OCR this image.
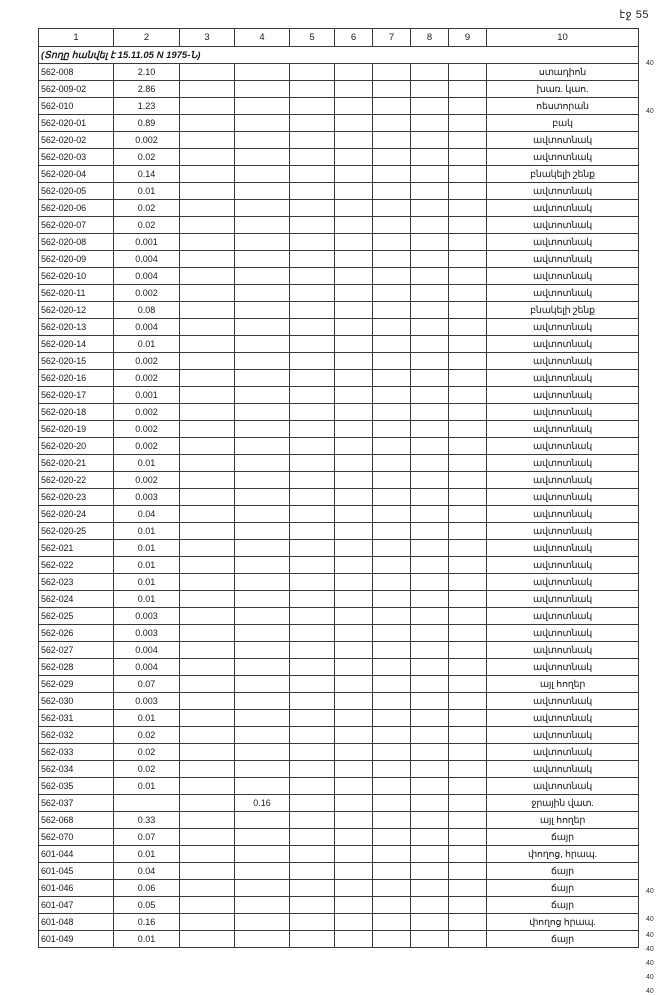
էջ 55
1	2	3	4	5	6	7	8	9	10
(Տողը հանվել է 15.11.05 N 1975-Ն)									
562-008	2.10								ստադիոն
562-009-02	2.86								խառ. կաո.
562-010	1.23								ոեստորան
562-020-01	0.89								բակ
562-020-02	0.002								ավտոտնակ
562-020-03	0.02								ավտոտնակ
562-020-04	0.14								բնակելի շենք
562-020-05	0.01								ավտոտնակ
562-020-06	0.02								ավտոտնակ
562-020-07	0.02								ավտոտնակ
562-020-08	0.001								ավտոտնակ
562-020-09	0.004								ավտոտնակ
562-020-10	0.004								ավտոտնակ
562-020-11	0.002								ավտոտնակ
562-020-12	0.08								բնակելի շենք
562-020-13	0.004								ավտոտնակ
562-020-14	0.01								ավտոտնակ
562-020-15	0.002								ավտոտնակ
562-020-16	0.002								ավտոտնակ
562-020-17	0.001								ավտոտնակ
562-020-18	0.002								ավտոտնակ
562-020-19	0.002								ավտոտնակ
562-020-20	0.002								ավտոտնակ
562-020-21	0.01								ավտոտնակ
562-020-22	0.002								ավտոտնակ
562-020-23	0.003								ավտոտնակ
562-020-24	0.04								ավտոտնակ
562-020-25	0.01								ավտոտնակ
562-021	0.01								ավտոտնակ
562-022	0.01								ավտոտնակ
562-023	0.01								ավտոտնակ
562-024	0.01								ավտոտնակ
562-025	0.003								ավտոտնակ
562-026	0.003								ավտոտնակ
562-027	0.004								ավտոտնակ
562-028	0.004								ավտոտնակ
562-029	0.07								այլ հողեր
562-030	0.003								ավտոտնակ
562-031	0.01								ավտոտնակ
562-032	0.02								ավտոտնակ
562-033	0.02								ավտոտնակ
562-034	0.02								ավտոտնակ
562-035	0.01								ավտոտնակ
562-037			0.16						ջրային վատ.
562-068	0.33								այլ հողեր
562-070	0.07								ճայր
601-044	0.01								փողոց, հրապ.
601-045	0.04								ճայր
601-046	0.06								ճայր
601-047	0.05								ճայր
601-048	0.16								փողոց հրապ.
601-049	0.01								ճայր
40
40
40
40
40
40
40
40
40
